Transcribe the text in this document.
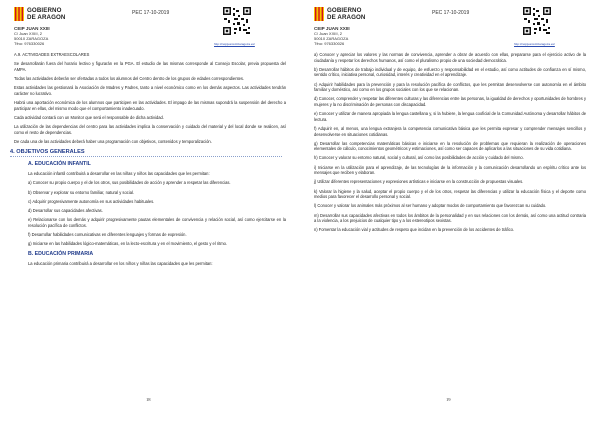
GOBIERNO
DE ARAGON
CEIP JUAN XXIII
C/ Juan XXIII, 2
50010 ZARAGOZA
Tfno: 976330026
PEC 17-10-2019
http://ceipjuanxxiiizaragoza.es/

A.9. ACTIVIDADES EXTRAESCOLARES

Se desarrollarán fuera del horario lectivo y figurarán en la PGA. El estudio de las mismas corresponde al Consejo Escolar, previa propuesta del AMPA.

Todas las actividades deberán ser ofertadas a todos los alumnos del Centro dentro de los grupos de edades correspondientes.

Estas actividades las gestionará la Asociación de Madres y Padres, tanto a nivel económico como en los demás aspectos. Las actividades tendrán carácter no lucrativo.

Habrá una aportación económica de los alumnos que participen en las actividades. El impago de las mismas supondrá la suspensión del derecho a participar en ellas, del mismo modo que el comportamiento inadecuado.

Cada actividad contará con un Monitor que será el responsable de dicha actividad.

La utilización de las dependencias del centro para las actividades implica la conservación y cuidado del material y del local donde se realicen, así como el resto de dependencias.

De cada una de las actividades deberá haber una programación con objetivos, contenidos y temporalización.

4. OBJETIVOS GENERALES
A. EDUCACIÓN INFANTIL

La educación infantil contribuirá a desarrollar en las niñas y niños las capacidades que les permitan:

a) Conocer su propio cuerpo y el de los otros, sus posibilidades de acción y aprender a respetar las diferencias.

b) Observar y explorar su entorno familiar, natural y social.

c) Adquirir progresivamente autonomía en sus actividades habituales.

d) Desarrollar sus capacidades afectivas.

e) Relacionarse con los demás y adquirir progresivamente pautas elementales de convivencia y relación social, así como ejercitarse en la resolución pacífica de conflictos.

f) Desarrollar habilidades comunicativas en diferentes lenguajes y formas de expresión.

g) Iniciarse en las habilidades lógico-matemáticas, en la lecto-escritura y en el movimiento, el gesto y el ritmo.

B. EDUCACIÓN PRIMARIA

La educación primaria contribuirá a desarrollar en los niños y niñas las capacidades que les permitan:

18
GOBIERNO
DE ARAGON
CEIP JUAN XXIII
C/ Juan XXIII, 2
50010 ZARAGOZA
Tfno: 976330026
PEC 17-10-2019
http://ceipjuanxxiiizaragoza.es/

a) Conocer y apreciar los valores y las normas de convivencia, aprender a obrar de acuerdo con ellas, prepararse para el ejercicio activo de la ciudadanía y respetar los derechos humanos, así como el pluralismo propio de una sociedad democrática.

b) Desarrollar hábitos de trabajo individual y de equipo, de esfuerzo y responsabilidad en el estudio, así como actitudes de confianza en sí mismo, sentido crítico, iniciativa personal, curiosidad, interés y creatividad en el aprendizaje.

c) Adquirir habilidades para la prevención y para la resolución pacífica de conflictos, que les permitan desenvolverse con autonomía en el ámbito familiar y doméstico, así como en los grupos sociales con los que se relacionan.

d) Conocer, comprender y respetar las diferentes culturas y las diferencias entre las personas, la igualdad de derechos y oportunidades de hombres y mujeres y la no discriminación de personas con discapacidad.

e) Conocer y utilizar de manera apropiada la lengua castellana y, si la hubiere, la lengua cooficial de la Comunidad Autónoma y desarrollar hábitos de lectura.

f) Adquirir en, al menos, una lengua extranjera la competencia comunicativa básica que les permita expresar y comprender mensajes sencillos y desenvolverse en situaciones cotidianas.

g) Desarrollar las competencias matemáticas básicas e iniciarse en la resolución de problemas que requieran la realización de operaciones elementales de cálculo, conocimientos geométricos y estimaciones, así como ser capaces de aplicarlos a las situaciones de su vida cotidiana.

h) Conocer y valorar su entorno natural, social y cultural, así como las posibilidades de acción y cuidado del mismo.

i) Iniciarse en la utilización para el aprendizaje, de las tecnologías de la información y la comunicación desarrollando un espíritu crítico ante los mensajes que reciben y elaboran.

j) Utilizar diferentes representaciones y expresiones artísticas e iniciarse en la construcción de propuestas visuales.

k) Valorar la higiene y la salud, aceptar el propio cuerpo y el de los otros, respetar las diferencias y utilizar la educación física y el deporte como medios para favorecer el desarrollo personal y social.

l) Conocer y valorar los animales más próximos al ser humano y adoptar modos de comportamiento que favorezcan su cuidado.

m) Desarrollar sus capacidades afectivas en todos los ámbitos de la personalidad y en sus relaciones con los demás, así como una actitud contraria a la violencia, a los prejuicios de cualquier tipo y a los estereotipos sexistas.

n) Fomentar la educación vial y actitudes de respeto que incidan en la prevención de los accidentes de tráfico.

19
